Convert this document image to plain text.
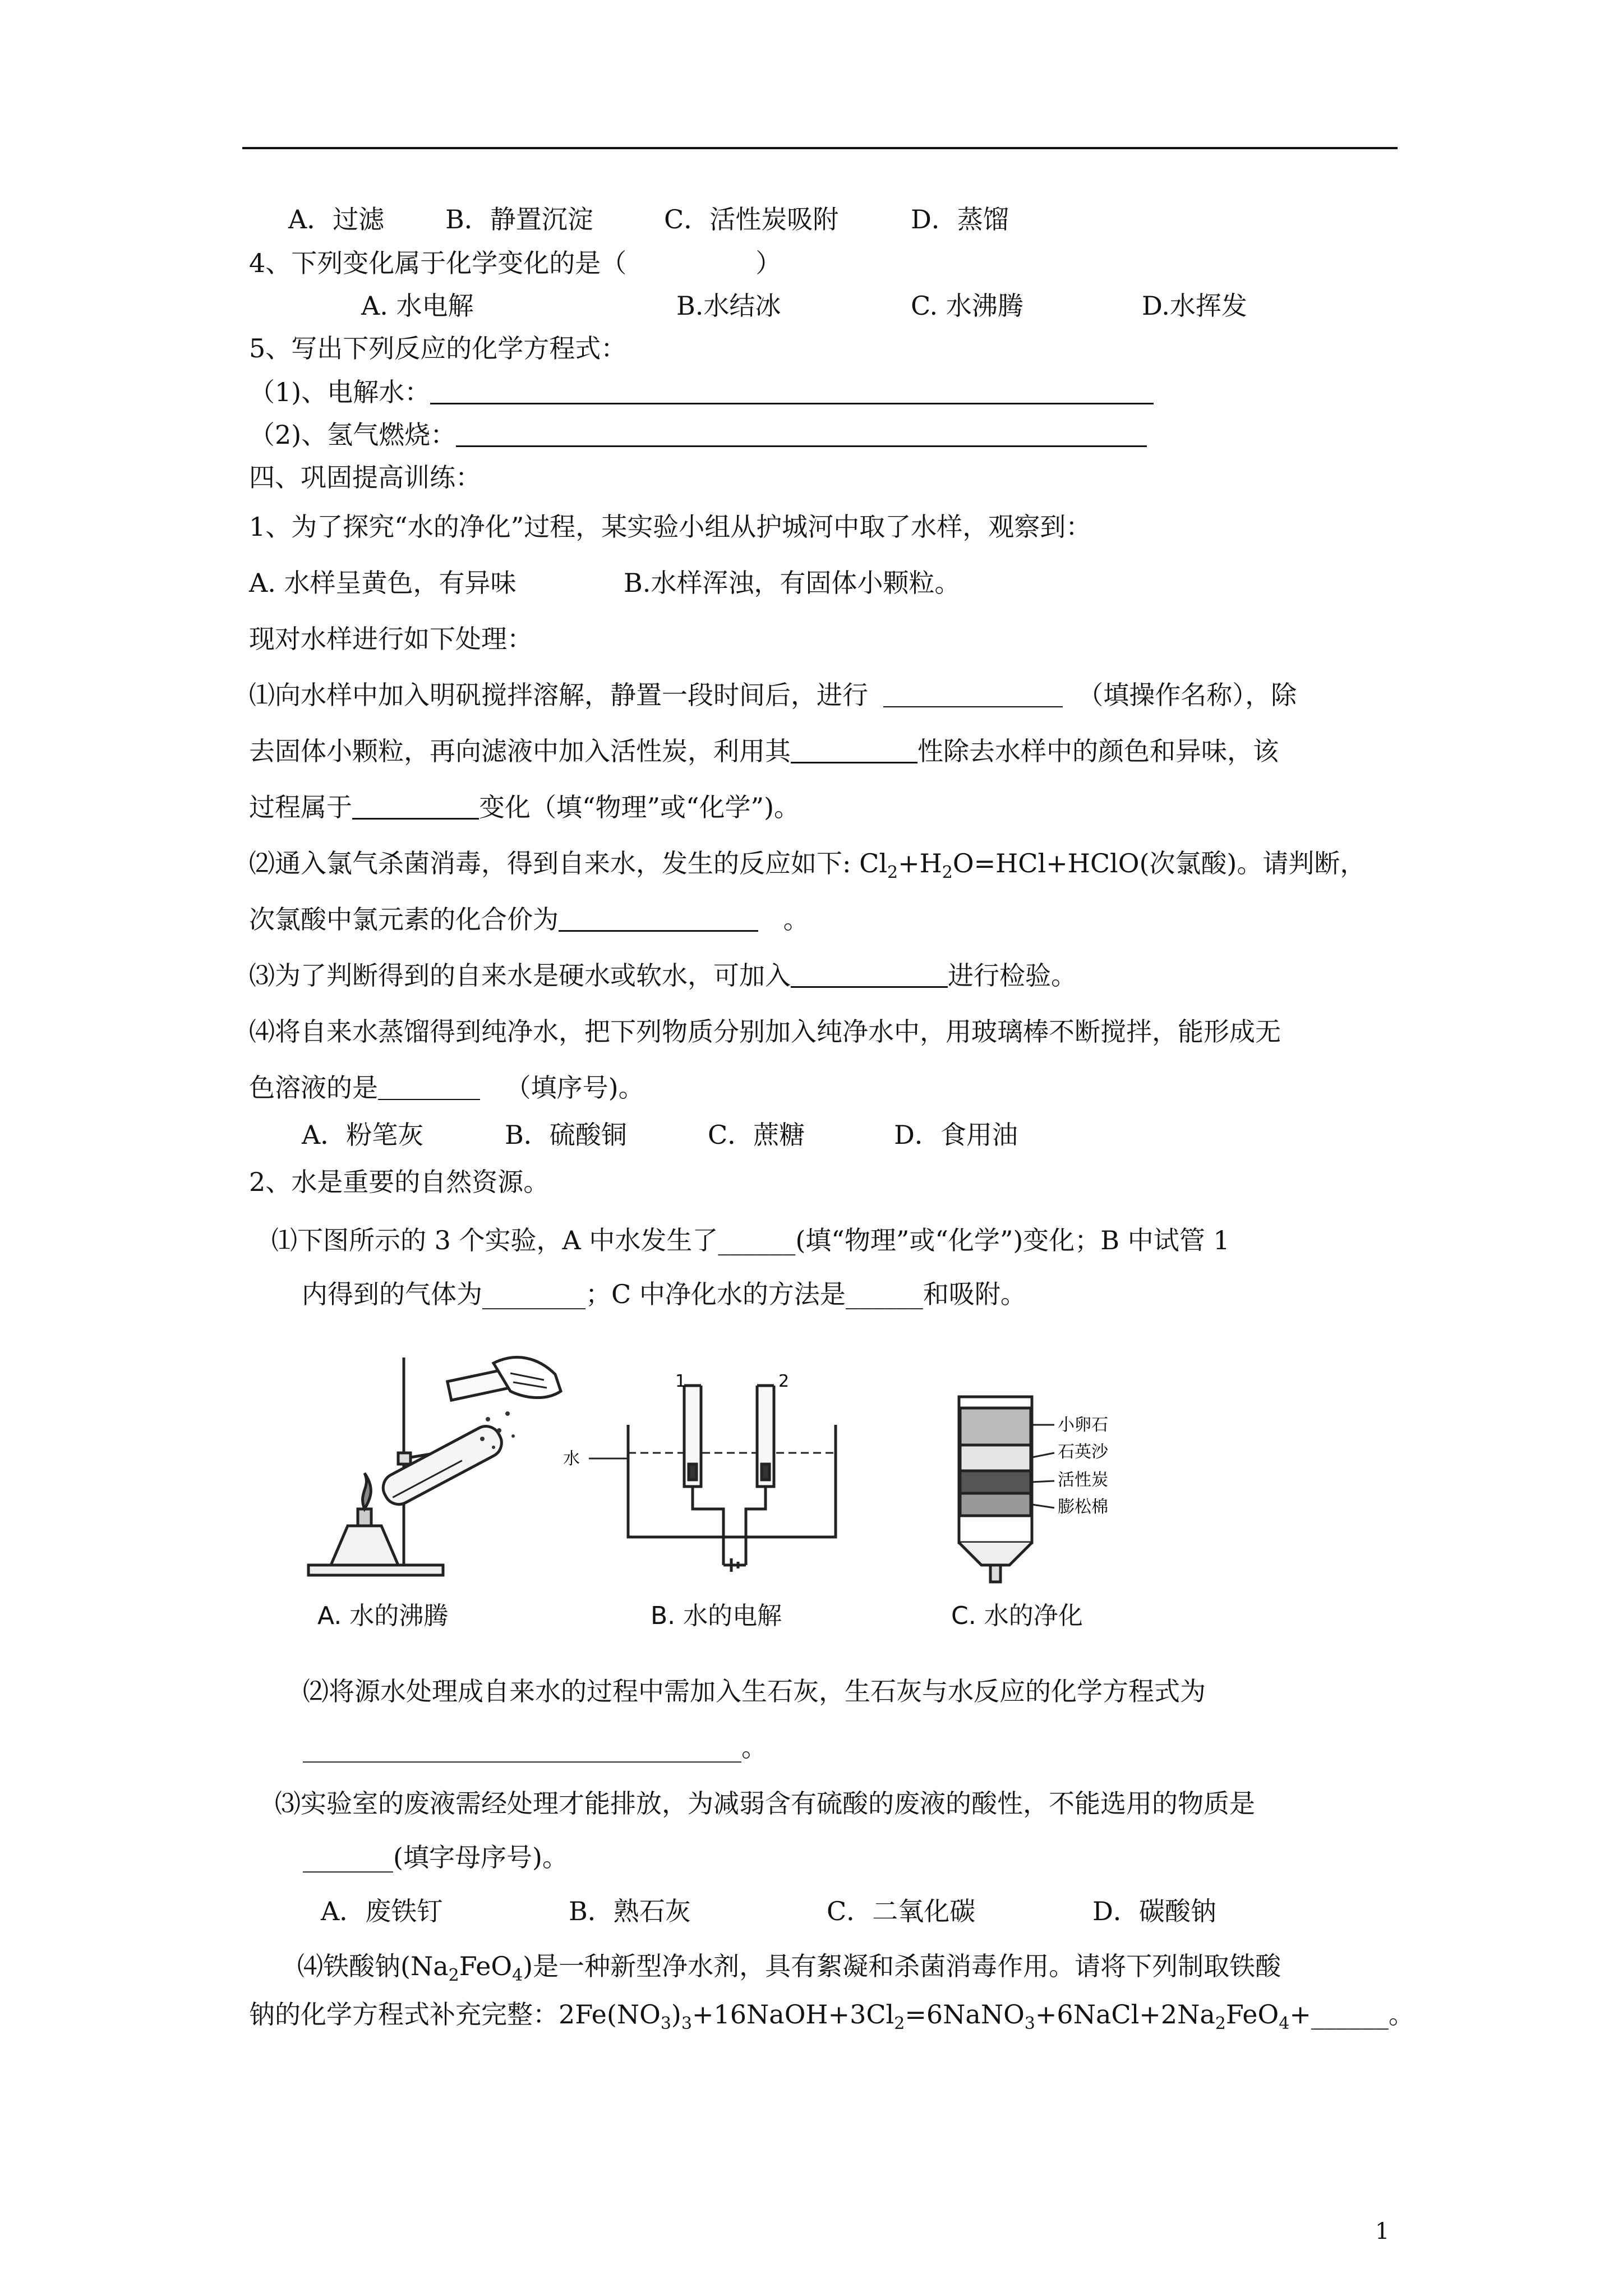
A．过滤 B．静置沉淀	C．活性炭吸附	D．蒸馏
4、下列变化属于化学变化的是（　　　　　）
A. 水电解	B.水结冰	C. 水沸腾	D.水挥发
5、写出下列反应的化学方程式：
（1)、电解水：
（2)、氢气燃烧：
四、巩固提高训练：
1、为了探究“水的净化”过程，某实验小组从护城河中取了水样，观察到：
A. 水样呈黄色，有异味	B.水样浑浊，有固体小颗粒。
现对水样进行如下处理：
⑴向水样中加入明矾搅拌溶解，静置一段时间后，进行	（填操作名称），除
去固体小颗粒，再向滤液中加入活性炭，利用其	性除去水样中的颜色和异味，该
过程属于	变化（填“物理”或“化学”)。
⑵通入氯气杀菌消毒，得到自来水，发生的反应如下: $Cl_2+H_2O=HCl+HClO$(次氯酸)。请判断，
次氯酸中氯元素的化合价为	。
⑶为了判断得到的自来水是硬水或软水，可加入	进行检验。
⑷将自来水蒸馏得到纯净水，把下列物质分别加入纯净水中，用玻璃棒不断搅拌，能形成无
色溶液的是	（填序号)。
A．粉笔灰	B．硫酸铜	C．蔗糖	D．食用油
2、水是重要的自然资源。
⑴下图所示的 3 个实验，A 中水发生了______(填“物理”或“化学”)变化；B 中试管 1
内得到的气体为________；C 中净化水的方法是______和吸附。
A. 水的沸腾
1	2
水
B. 水的电解
小卵石
石英沙
活性炭
膨松棉
C. 水的净化
⑵将源水处理成自来水的过程中需加入生石灰，生石灰与水反应的化学方程式为
__________________________________。
⑶实验室的废液需经处理才能排放，为减弱含有硫酸的废液的酸性，不能选用的物质是
_______(填字母序号)。
A．废铁钉	B．熟石灰	C．二氧化碳	D．碳酸钠
⑷铁酸钠$(Na_2FeO_4)$是一种新型净水剂，具有絮凝和杀菌消毒作用。请将下列制取铁酸
钠的化学方程式补充完整：$2Fe(NO_3)_3+16NaOH+3Cl_2=6NaNO_3+6NaCl+2Na_2FeO_4+\_\_\_\_\_\_$。
1
